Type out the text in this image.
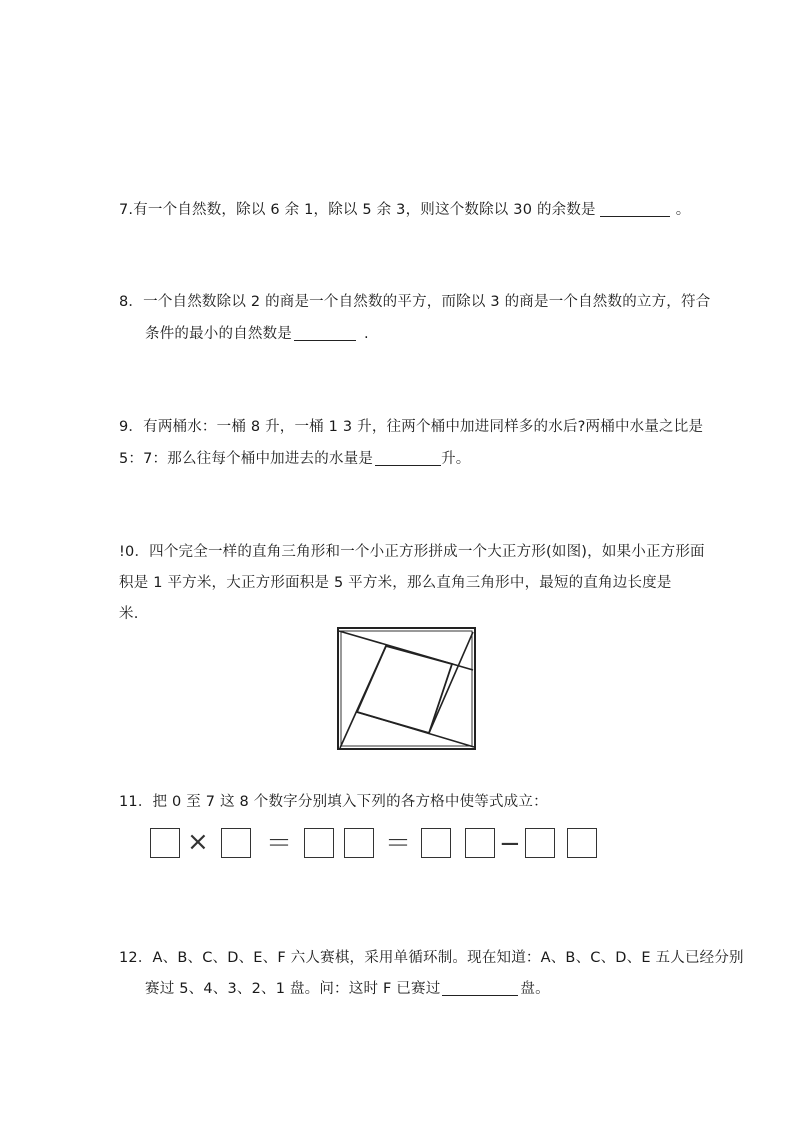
7.有一个自然数，除以 6 余 1，除以 5 余 3，则这个数除以 30 的余数是	。
8．一个自然数除以 2 的商是一个自然数的平方，而除以 3 的商是一个自然数的立方，符合
条件的最小的自然数是	.
9．有两桶水：一桶 8 升，一桶 1 3 升，往两个桶中加进同样多的水后?两桶中水量之比是
5：7：那么往每个桶中加进去的水量是	升。
!0．四个完全一样的直角三角形和一个小正方形拼成一个大正方形(如图)，如果小正方形面
积是 1 平方米，大正方形面积是 5 平方米，那么直角三角形中，最短的直角边长度是
米.
11．把 0 至 7 这 8 个数字分别填入下列的各方格中使等式成立：
× ＝	＝	−
12．A、B、C、D、E、F 六人赛棋，采用单循环制。现在知道：A、B、C、D、E 五人已经分别
赛过 5、4、3、2、1 盘。问：这时 F 已赛过	盘。
